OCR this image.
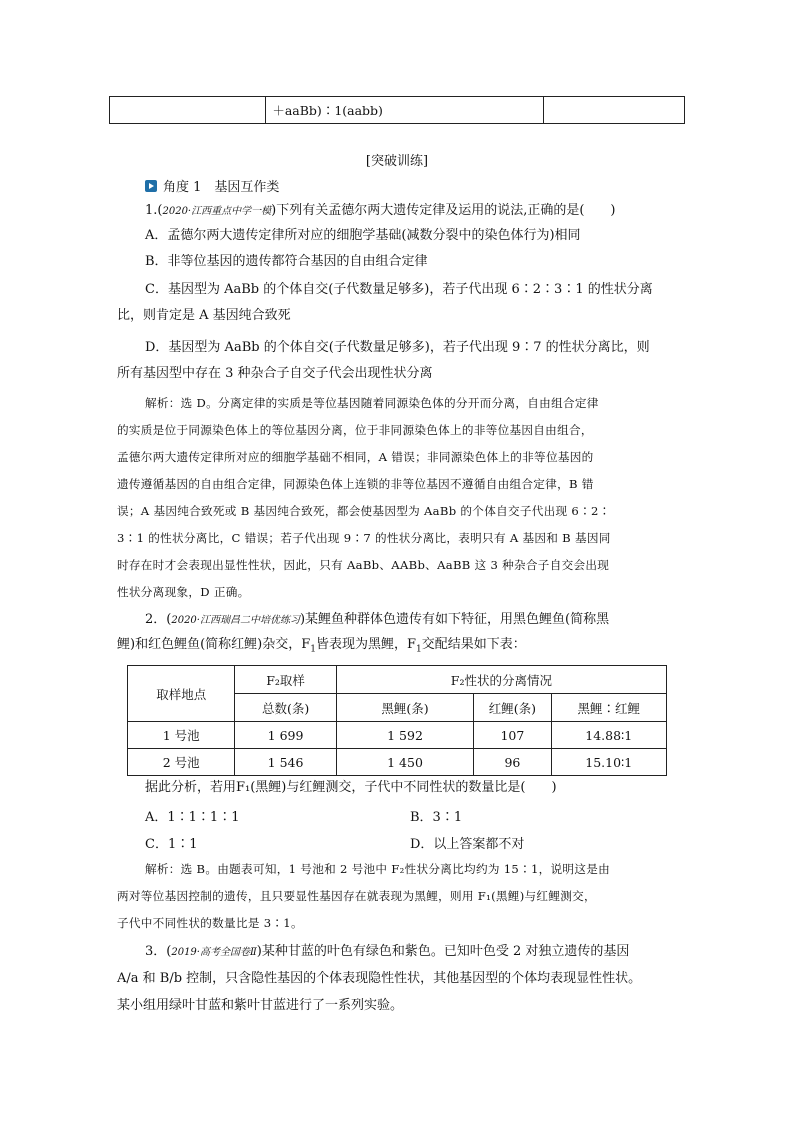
	＋aaBb)∶1(aabb)	
[突破训练]
角度 1　 基因互作类
1.(2020·江西重点中学一模)下列有关孟德尔两大遗传定律及运用的说法,正确的是(　　)
A．孟德尔两大遗传定律所对应的细胞学基础(减数分裂中的染色体行为)相同
B．非等位基因的遗传都符合基因的自由组合定律
C．基因型为 AaBb 的个体自交(子代数量足够多)，若子代出现 6∶2∶3∶1 的性状分离
比，则肯定是 A 基因纯合致死
D．基因型为 AaBb 的个体自交(子代数量足够多)，若子代出现 9∶7 的性状分离比，则
所有基因型中存在 3 种杂合子自交子代会出现性状分离
解析：选 D。分离定律的实质是等位基因随着同源染色体的分开而分离，自由组合定律
的实质是位于同源染色体上的等位基因分离，位于非同源染色体上的非等位基因自由组合，
孟德尔两大遗传定律所对应的细胞学基础不相同，A 错误；非同源染色体上的非等位基因的
遗传遵循基因的自由组合定律，同源染色体上连锁的非等位基因不遵循自由组合定律，B 错
误；A 基因纯合致死或 B 基因纯合致死，都会使基因型为 AaBb 的个体自交子代出现 6∶2∶
3∶1 的性状分离比，C 错误；若子代出现 9∶7 的性状分离比，表明只有 A 基因和 B 基因同
时存在时才会表现出显性性状，因此，只有 AaBb、AABb、AaBB 这 3 种杂合子自交会出现
性状分离现象，D 正确。
2．(2020·江西瑞昌二中培优练习)某鲤鱼种群体色遗传有如下特征，用黑色鲤鱼(简称黑
鲤)和红色鲤鱼(简称红鲤)杂交，$F_1$皆表现为黑鲤，$F_1$交配结果如下表：
取样地点	F₂取样	F₂性状的分离情况		
	总数(条)	黑鲤(条)	红鲤(条)	黑鲤∶红鲤
1 号池	1 699	1 592	107	14.88∶1
2 号池	1 546	1 450	96	15.10∶1
据此分析，若用F₁(黑鲤)与红鲤测交，子代中不同性状的数量比是(　　)
A．1∶1∶1∶1	B．3∶1
C．1∶1	D．以上答案都不对
解析：选 B。由题表可知，1 号池和 2 号池中 F₂性状分离比均约为 15∶1，说明这是由
两对等位基因控制的遗传，且只要显性基因存在就表现为黑鲤，则用 F₁(黑鲤)与红鲤测交，
子代中不同性状的数量比是 3∶1。
3．(2019·高考全国卷Ⅱ)某种甘蓝的叶色有绿色和紫色。已知叶色受 2 对独立遗传的基因
A/a 和 B/b 控制，只含隐性基因的个体表现隐性性状，其他基因型的个体均表现显性性状。
某小组用绿叶甘蓝和紫叶甘蓝进行了一系列实验。
